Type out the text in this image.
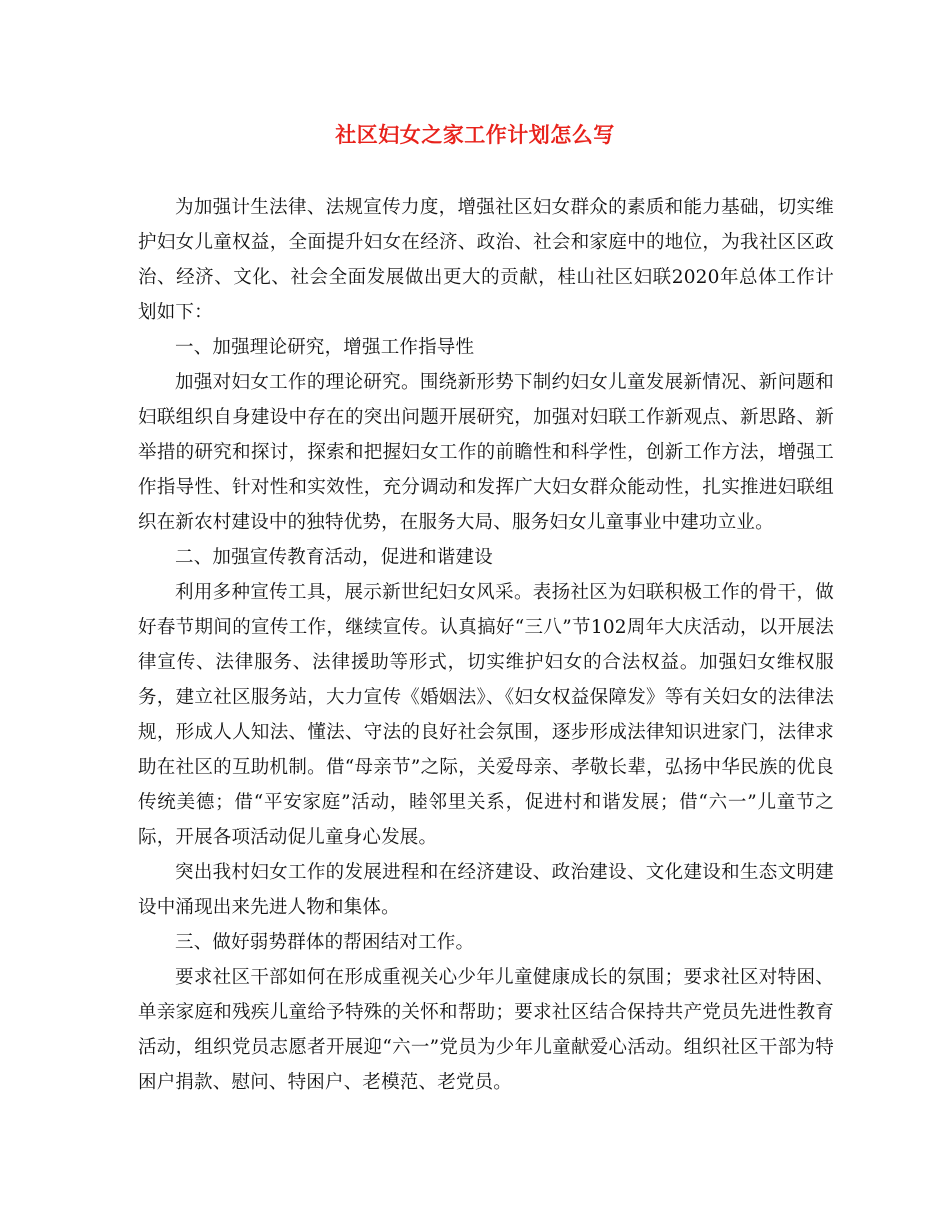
社区妇女之家工作计划怎么写

为加强计生法律、法规宣传力度，增强社区妇女群众的素质和能力基础，切实维护妇女儿童权益，全面提升妇女在经济、政治、社会和家庭中的地位，为我社区区政治、经济、文化、社会全面发展做出更大的贡献，桂山社区妇联2020年总体工作计划如下：

一、加强理论研究，增强工作指导性

加强对妇女工作的理论研究。围绕新形势下制约妇女儿童发展新情况、新问题和妇联组织自身建设中存在的突出问题开展研究，加强对妇联工作新观点、新思路、新举措的研究和探讨，探索和把握妇女工作的前瞻性和科学性，创新工作方法，增强工作指导性、针对性和实效性，充分调动和发挥广大妇女群众能动性，扎实推进妇联组织在新农村建设中的独特优势，在服务大局、服务妇女儿童事业中建功立业。

二、加强宣传教育活动，促进和谐建设

利用多种宣传工具，展示新世纪妇女风采。表扬社区为妇联积极工作的骨干，做好春节期间的宣传工作，继续宣传。认真搞好“三八”节102周年大庆活动，以开展法律宣传、法律服务、法律援助等形式，切实维护妇女的合法权益。加强妇女维权服务，建立社区服务站，大力宣传《婚姻法》、《妇女权益保障发》等有关妇女的法律法规，形成人人知法、懂法、守法的良好社会氛围，逐步形成法律知识进家门，法律求助在社区的互助机制。借“母亲节”之际，关爱母亲、孝敬长辈，弘扬中华民族的优良传统美德；借“平安家庭”活动，睦邻里关系，促进村和谐发展；借“六一”儿童节之际，开展各项活动促儿童身心发展。

突出我村妇女工作的发展进程和在经济建设、政治建设、文化建设和生态文明建设中涌现出来先进人物和集体。

三、做好弱势群体的帮困结对工作。

要求社区干部如何在形成重视关心少年儿童健康成长的氛围；要求社区对特困、单亲家庭和残疾儿童给予特殊的关怀和帮助；要求社区结合保持共产党员先进性教育活动，组织党员志愿者开展迎“六一”党员为少年儿童献爱心活动。组织社区干部为特困户捐款、慰问、特困户、老模范、老党员。
